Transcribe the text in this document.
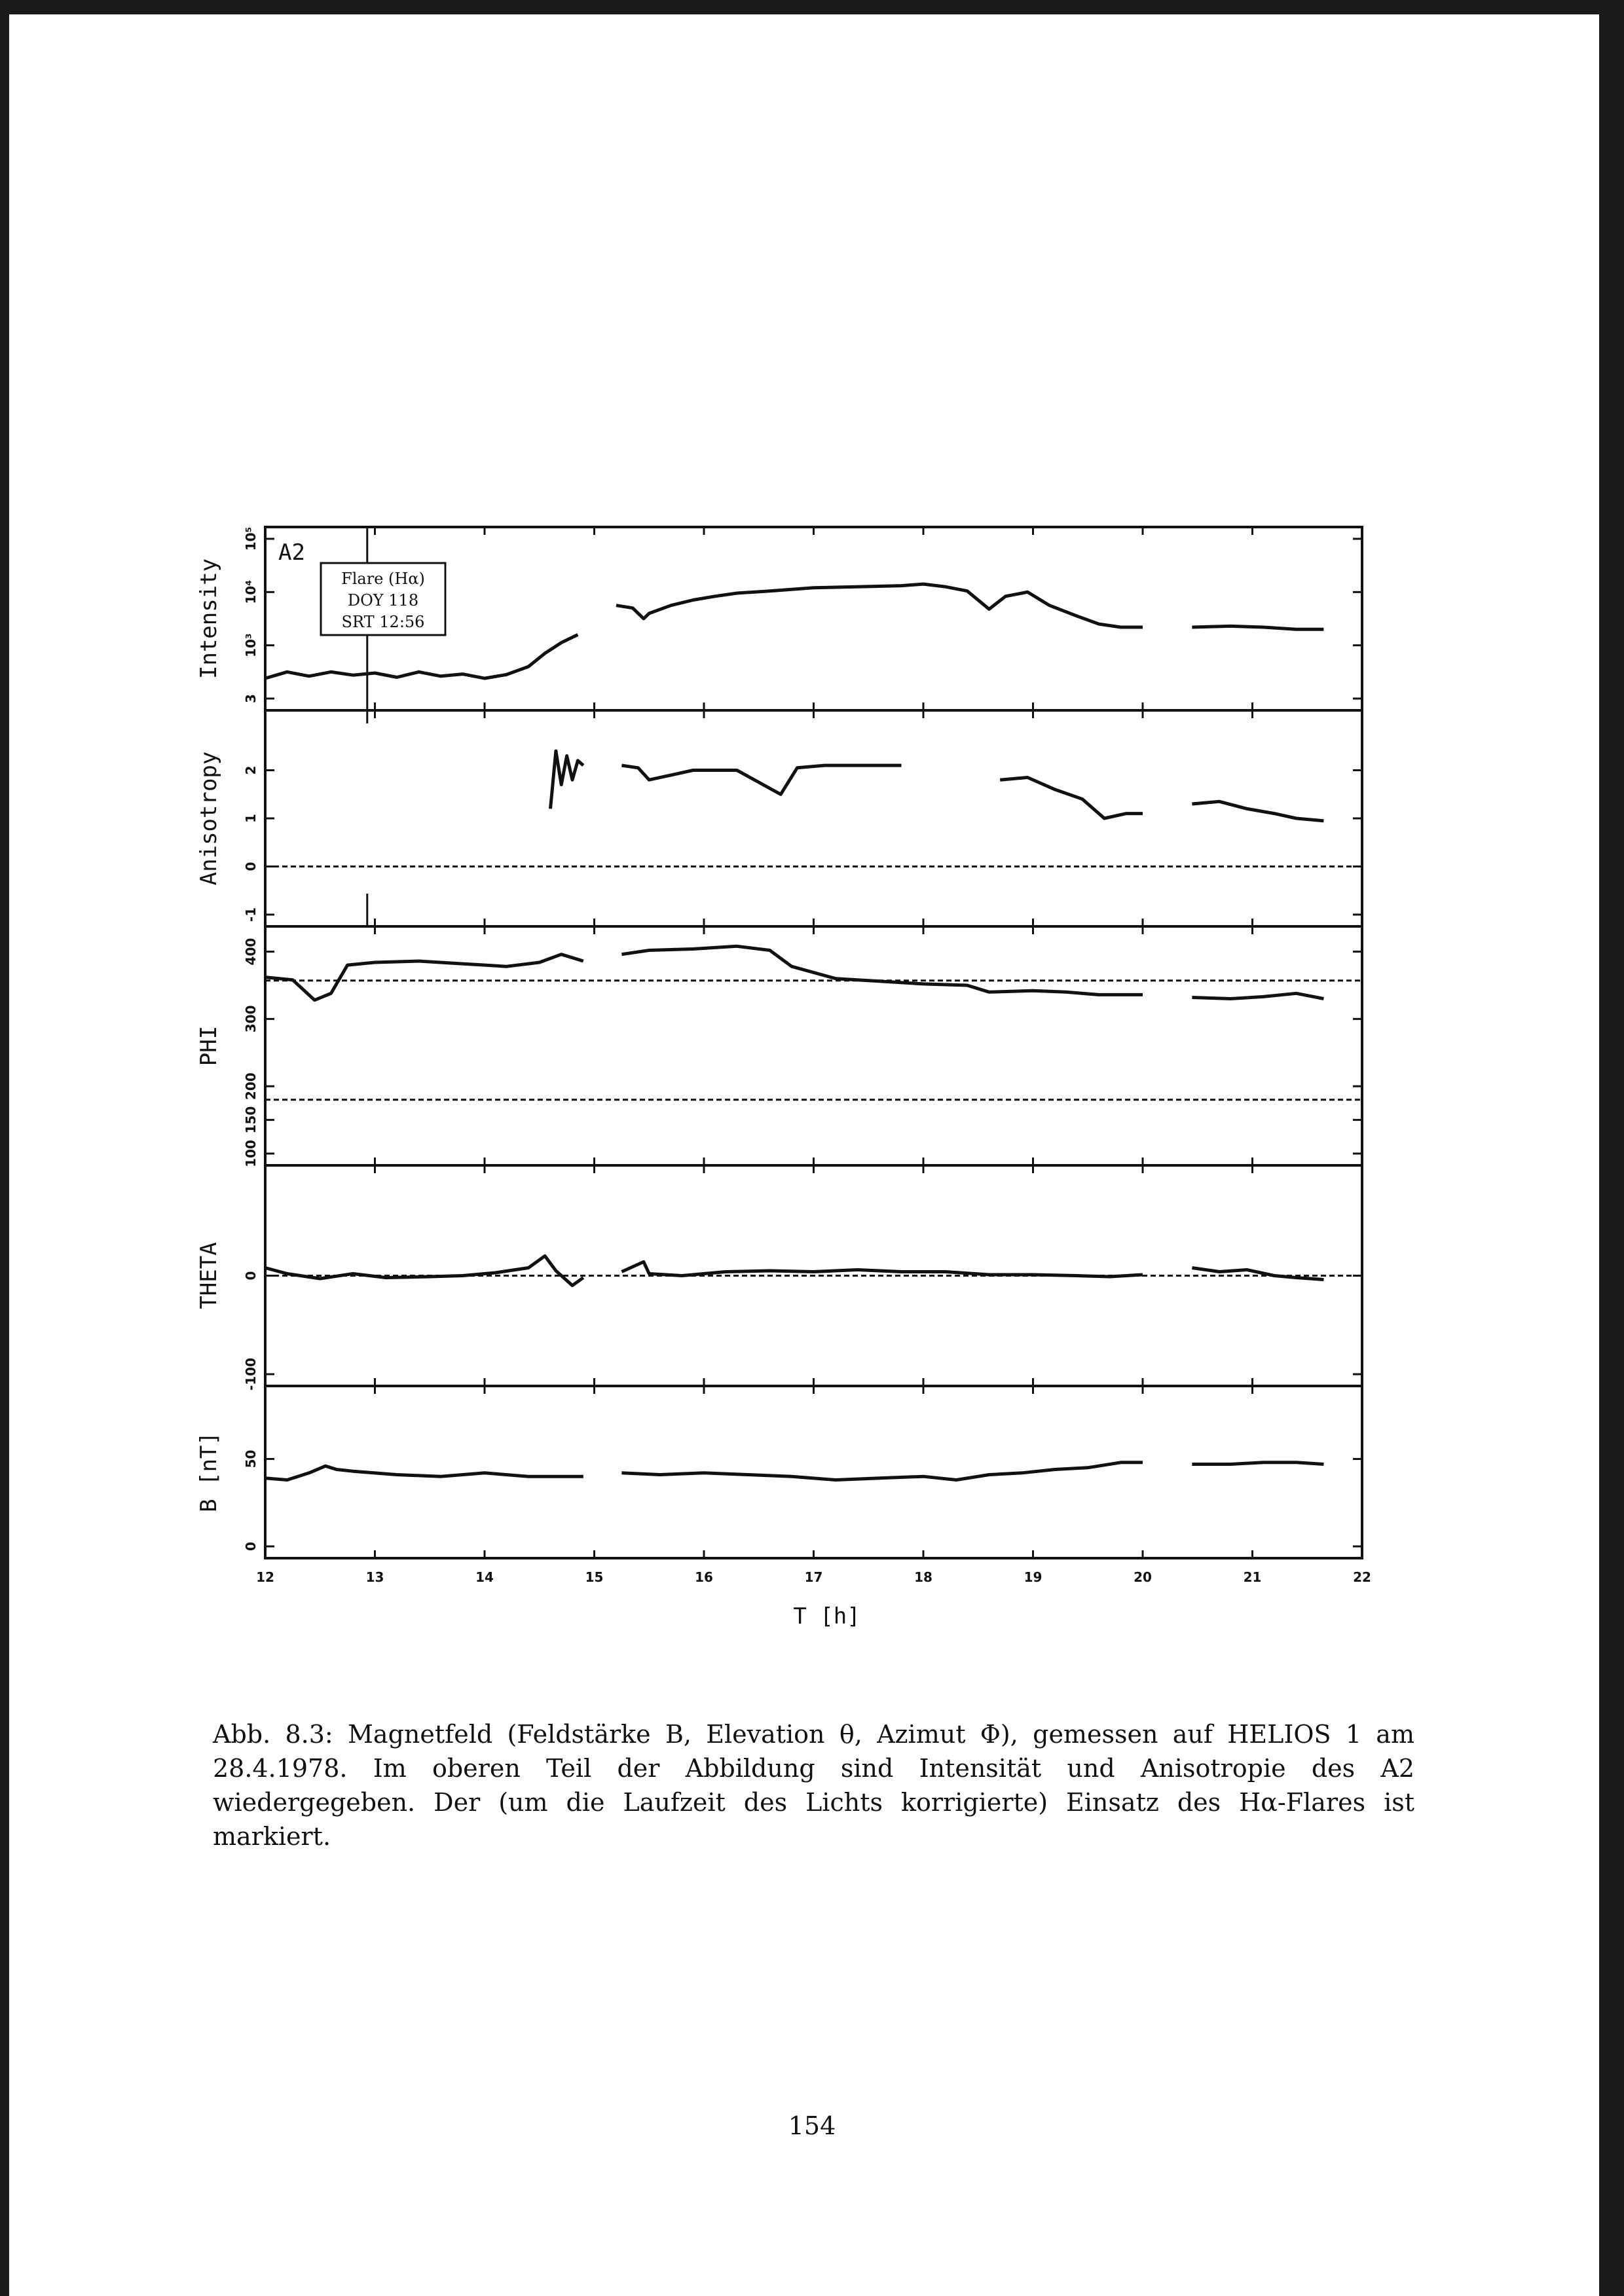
3
10³
10⁴
10⁵
Intensity
-1
0
1
2
Anisotropy
100
150
200
300
400
PHI
-100
0
THETA
0
50
B [nT]
A2
Flare (Hα)
DOY 118
SRT 12:56
12	13	14	15	16	17	18	19	20	21	22
T [h]

Abb. 8.3: Magnetfeld (Feldstärke B, Elevation θ, Azimut Φ), gemessen auf HELIOS 1 am 28.4.1978. Im oberen Teil der Abbildung sind Intensität und Anisotropie des A2 wiedergegeben. Der (um die Laufzeit des Lichts korrigierte) Einsatz des Hα-Flares ist markiert.

154
